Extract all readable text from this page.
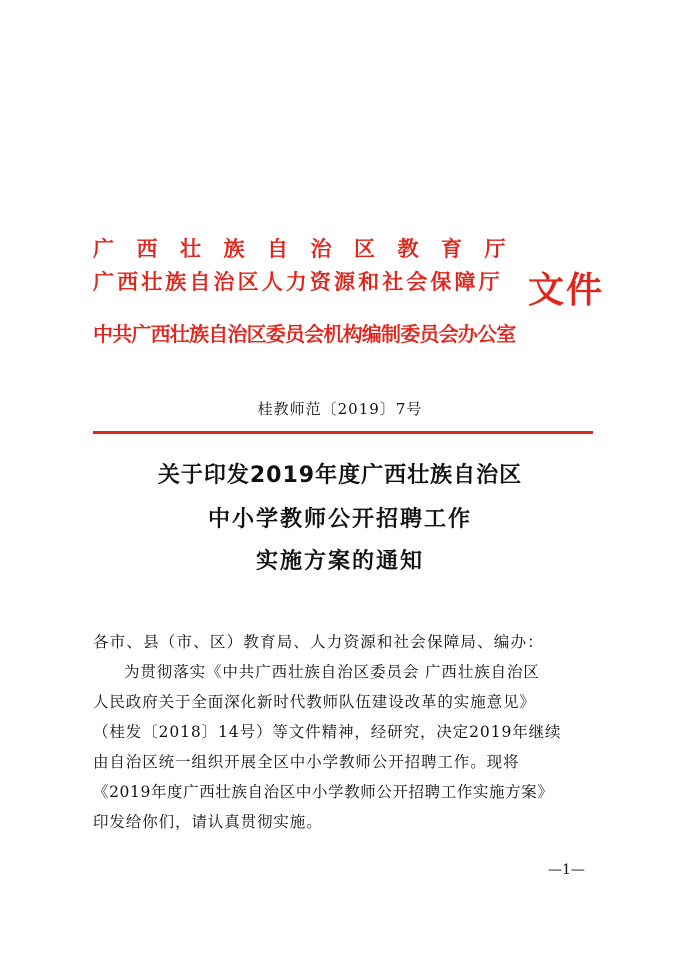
广西壮族自治区教育厅
广西壮族自治区人力资源和社会保障厅
中共广西壮族自治区委员会机构编制委员会办公室
文件
桂教师范〔2019〕7号
关于印发2019年度广西壮族自治区
中小学教师公开招聘工作
实施方案的通知
各市、县（市、区）教育局、人力资源和社会保障局、编办：
为贯彻落实《中共广西壮族自治区委员会 广西壮族自治区
人民政府关于全面深化新时代教师队伍建设改革的实施意见》
（桂发〔2018〕14号）等文件精神，经研究，决定2019年继续
由自治区统一组织开展全区中小学教师公开招聘工作。现将
《2019年度广西壮族自治区中小学教师公开招聘工作实施方案》
印发给你们，请认真贯彻实施。
—1—
